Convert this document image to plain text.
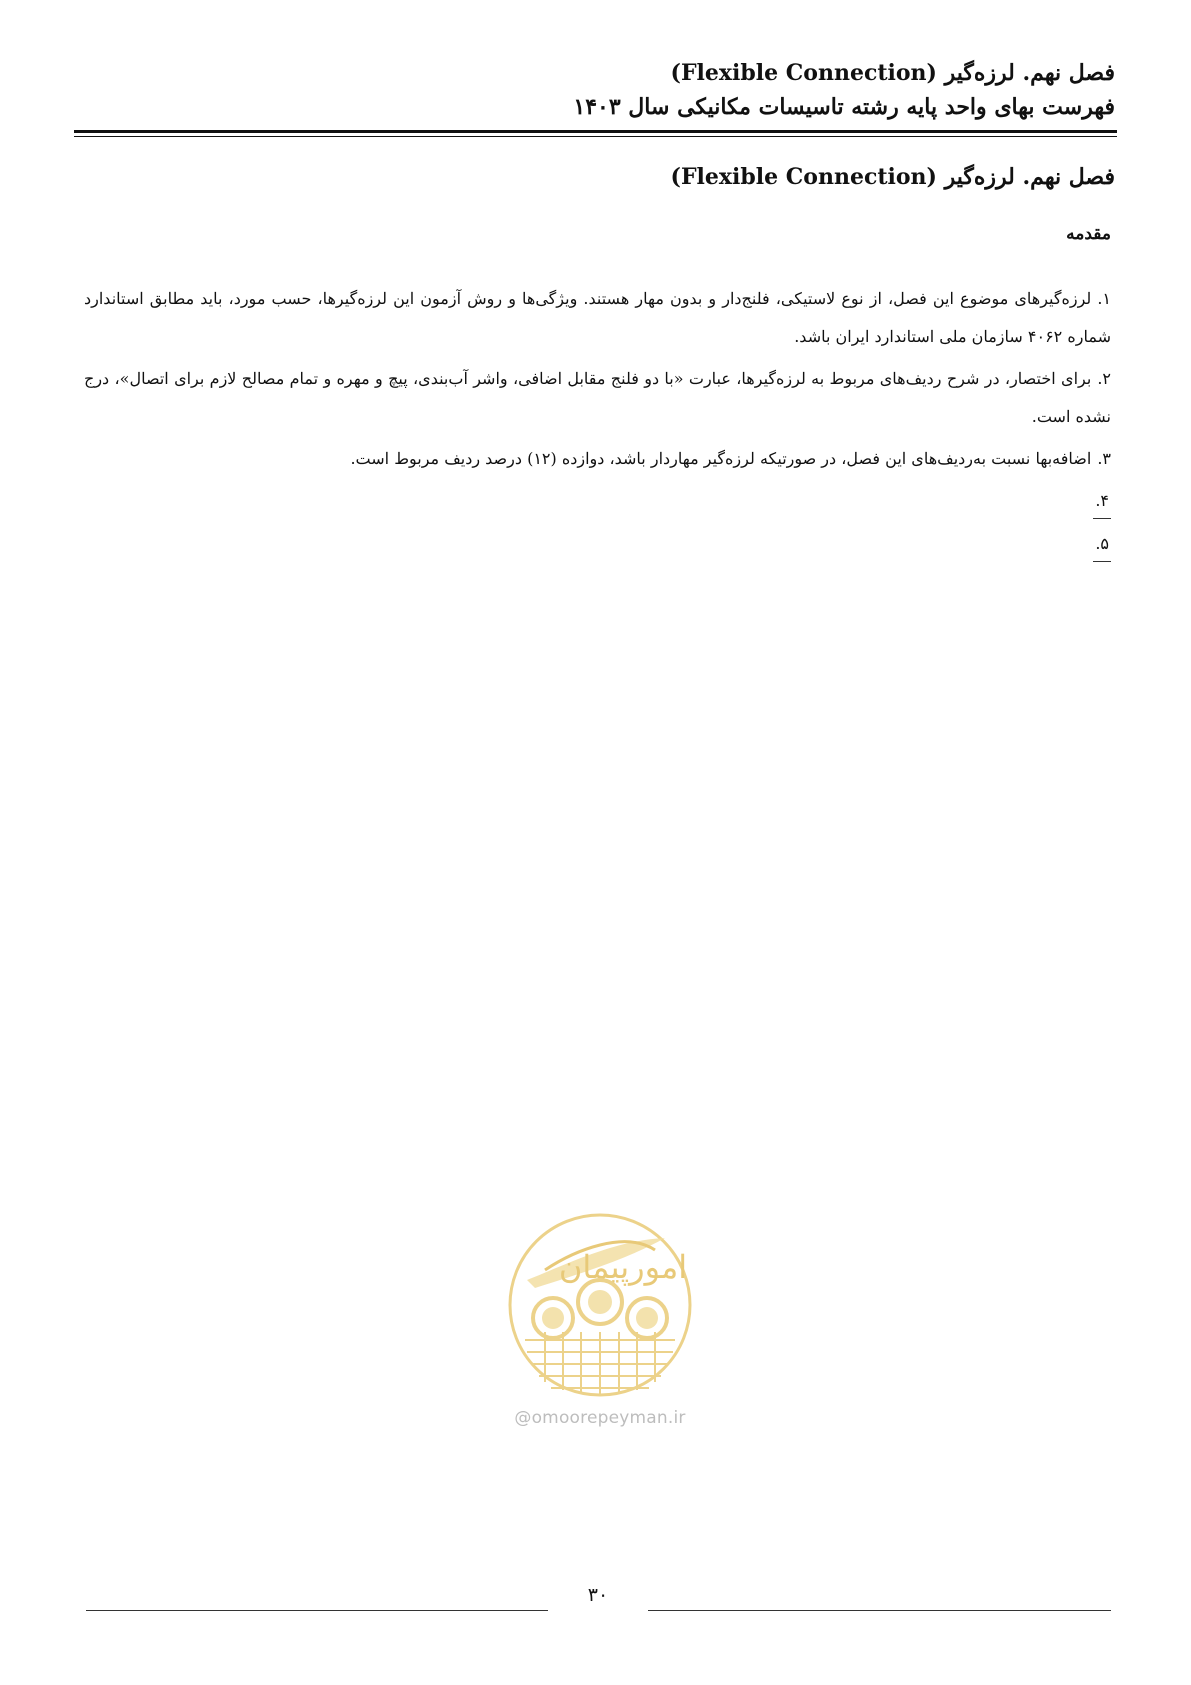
فصل نهم. لرزه‌گیر (Flexible Connection)
فهرست بهای واحد پایه رشته تاسیسات مکانیکی سال ۱۴۰۳
فصل نهم. لرزه‌گیر (Flexible Connection)
مقدمه

۱.لرزه‌گیرهای موضوع این فصل، از نوع لاستیکی، فلنج‌دار و بدون مهار هستند. ویژگی‌ها و روش آزمون این لرزه‌گیرها، حسب مورد، باید مطابق استاندارد شماره ۴۰۶۲ سازمان ملی استاندارد ایران باشد.

۲.برای اختصار، در شرح ردیف‌های مربوط به لرزه‌گیرها، عبارت «با دو فلنج مقابل اضافی، واشر آب‌بندی، پیچ و مهره و تمام مصالح لازم برای اتصال»، درج نشده است.

۳.اضافه‌بها نسبت به‌ردیف‌های این فصل، در صورتیکه لرزه‌گیر مهاردار باشد، دوازده (۱۲) درصد ردیف مربوط است.

۴.
۵.
امورپیمان
@omoorepeyman.ir
۳۰
